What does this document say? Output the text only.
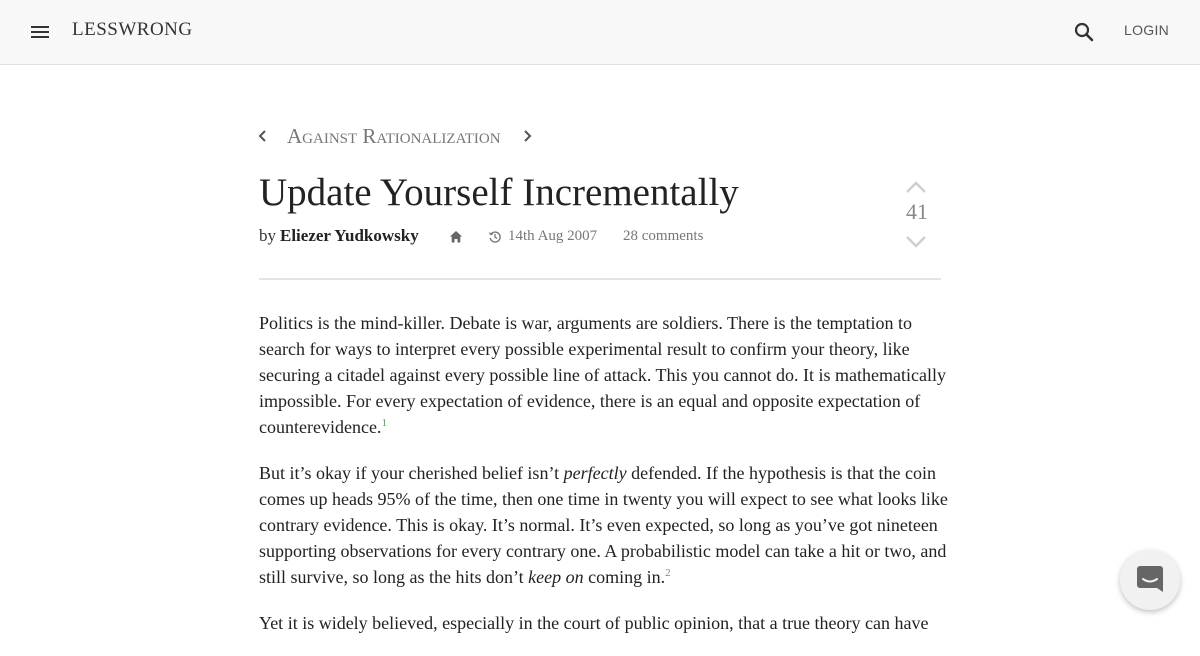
LESSWRONG	LOGIN
Against Rationalization
Update Yourself Incrementally
by Eliezer Yudkowsky	14th Aug 2007 28 comments
41

Politics is the mind-killer. Debate is war, arguments are soldiers. There is the temptation to search for ways to interpret every possible experimental result to confirm your theory, like securing a citadel against every possible line of attack. This you cannot do. It is mathematically impossible. For every expectation of evidence, there is an equal and opposite expectation of counterevidence.$^1$

But it’s okay if your cherished belief isn’t perfectly defended. If the hypothesis is that the coin comes up heads 95% of the time, then one time in twenty you will expect to see what looks like contrary evidence. This is okay. It’s normal. It’s even expected, so long as you’ve got nineteen supporting observations for every contrary one. A probabilistic model can take a hit or two, and still survive, so long as the hits don’t keep on coming in.$^2$

Yet it is widely believed, especially in the court of public opinion, that a true theory can have
